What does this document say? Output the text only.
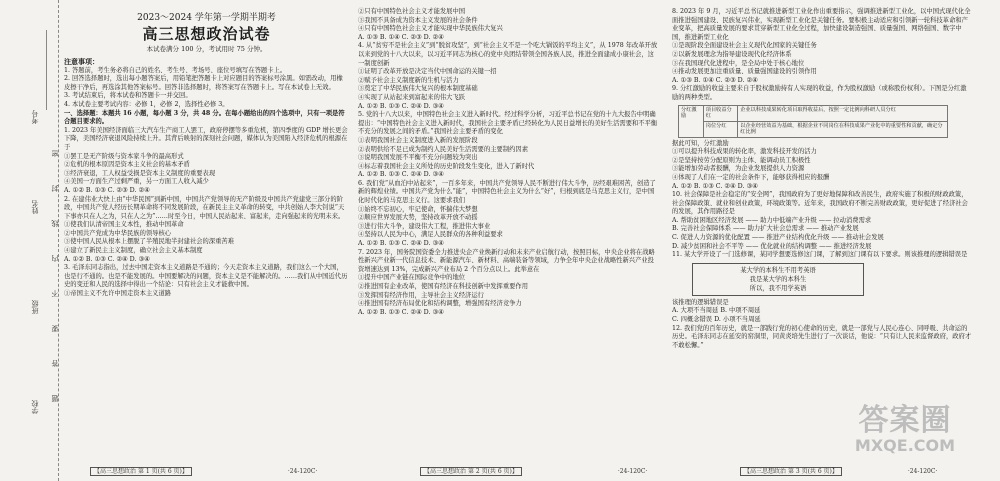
考号
姓名
班级
学校
密
封
线
内
不
要
答
题
2023～2024 学年第一学期半期考
高三思想政治试卷
本试卷满分 100 分，考试用时 75 分钟。

注意事项：

1. 答题前，考生务必将自己的姓名、考生号、考场号、座位号填写在答题卡上。

2. 回答选择题时，选出每小题答案后，用铅笔把答题卡上对应题目的答案标号涂黑。如需改动，用橡皮擦干净后，再选涂其他答案标号。回答非选择题时，将答案写在答题卡上。写在本试卷上无效。

3. 考试结束后，将本试卷和答题卡一并交回。

4. 本试卷主要考试内容：必修 1，必修 2，选择性必修 3。

一、选择题：本题共 16 小题，每小题 3 分，共 48 分。在每小题给出的四个选项中，只有一项是符合题目要求的。

1. 2023 年美国经济面临三大汽车生产商工人罢工，政府停摆等多重危机，第四季度的 GDP 增长更会下降，美国经济衰退风险持续上升。其背后映射的深刻社会问题，媒体认为美国陷入经济危机的根源在于

①罢工是无产阶级与资本家斗争的最高形式

②危机的根本原因是资本主义社会的基本矛盾

③经济衰退，工人权益受损是资本主义制度的重要表现

④美国一方面生产过剩严重，另一方面工人收入减少

A. ①② B. ①③ C. ②③ D. ②④

2. 在建伟业大快上由“中华民国”到新中国，中国共产党领导的无产阶级及中国共产党建党三部分的阶段，中国共产党人经历长期革命将不同发展阶段，在新民主主义革命的转变，中共创始人李大钊说“天下事亦只在人之为，只在人之为”……时至今日，中国人民站起来、富起来，走向强起来的光明未来。

①使我们认清帝国主义本性，推动中国革命

②中国共产党成为中华民族的领导核心

③使中国人民从根本上摆脱了半殖民地半封建社会的深重苦难

④建立了新民主主义制度，确立社会主义基本制度

A. ①② B. ①③ C. ②④ D. ③④

3. 毛泽东同志指出，过去中国走资本主义道路是不通的；今天走资本主义道路，我们这么一个大国，也是行不通的。也是不能发展的。中国要解决的问题，资本主义是不能解决的。……我们从中国近代历史的变迁和人民的选择中得出一个结论：只有社会主义才能救中国。

①帝国主义不允许中国走资本主义道路

②只有中国特色社会主义才能发展中国

③我国不具备成为资本主义发展的社会条件

④只有中国特色社会主义才能实现中华民族伟大复兴

A. ①③ B. ①④ C. ②③ D. ②④

4. 从“贫穷不是社会主义”到“脱贫攻坚”，到“社会主义不是一个吃大锅饭的平均主义”，从 1978 年改革开放以来到党的十八大以来，以习近平同志为核心的党中央团结带领全国各族人民，推进全面建成小康社会，这一制度创新

①证明了改革开放是决定当代中国命运的关键一招

②赋予社会主义制度新的生机与活力

③奠定了中华民族伟大复兴的根本制度基础

④实现了从站起来到富起来的伟大飞跃

A. ①② B. ①③ C. ②④ D. ③④

5. 党的十八大以来，中国特色社会主义进入新时代。经过科学分析，习近平总书记在党的十九大报告中明确提出：“中国特色社会主义进入新时代，我国社会主要矛盾已经转化为人民日益增长的美好生活需要和不平衡不充分的发展之间的矛盾。”我国社会主要矛盾的变化

①表明我国社会主义制度进入新的发展阶段

②表明供给不足已成为制约人民美好生活需要的主要制约因素

③说明我国发展不平衡不充分问题较为突出

④标志着我国社会主义所处的历史阶段发生变化，进入了新时代

A. ①② B. ①③ C. ②④ D. ③④

6. 我们党“从血泊中站起来”，一百多年来，中国共产党领导人民不断进行伟大斗争，历经艰难困苦，创造了新的辉煌业绩。中国共产党为什么“能”，中国特色社会主义为什么“好”，归根到底是马克思主义行，是中国化时代化的马克思主义行。这要求我们

①始终不忘初心，牢记使命，怀揣伟大梦想

②顺应世界发展大势，坚持改革开放不动摇

③进行伟大斗争，建设伟大工程，推进伟大事业

④坚持以人民为中心，满足人民群众的各种利益要求

A. ①② B. ①③ C. ②④ D. ③④

7. 2023 年，国务院国资委全力推进央企产业焕新行动和未来产业启航行动，按照目标，中央企业将在战略性新兴产业新一代信息技术、新能源汽车、新材料、高端装备等领域，力争全年中央企业战略性新兴产业投资增速达到 13%，完成新兴产业布局 2 个百分点以上。此举意在

①提升中国产业链在国际竞争中的地位

②推进国有企业改革，使国有经济在科技创新中发挥重要作用

③发挥国有经济作用，主导社会主义经济运行

④推进国有经济布局优化和结构调整，增强国有经济竞争力

A. ①② B. ①③ C. ②④ D. ③④

8. 2023 年 9 月，习近平总书记就推进新型工业化作出重要指示，强调推进新型工业化，以中国式现代化全面推进强国建设、民族复兴伟业，实现新型工业化是关键任务。要积极主动适应和引领新一轮科技革命和产业变革，把高质量发展的要求贯穿新型工业化全过程，加快建设制造强国、质量强国、网络强国、数字中国，推进新型工业化

①是现阶段全面建设社会主义现代化国家的关键任务

②以新发展理念为指导建设现代化经济体系

③在我国现代化进程中，是全局中处于核心地位

④推动发展更加注重质量、质量强国建设的引领作用

A. ①③ B. ①④ C. ②③ D. ②④

9. 分红激励的收益主要来自于股权激励持有人实现的收益，作为股权激励（或称股份权利）。下图是分红激励的两种类型。

分红激励	项目收益分红	企业以科技成果转化项目取得收益后，按照一定比例向科研人员分红
	岗位分红	以企业经营效益为基础，根据企业不同岗位在科技成果产业化中的重要性和贡献，确定分红比例

据此可知，分红激励

①可以提升科技成果的转化率，激发科技开发的活力

②是坚持按劳分配原则为主体、能调动员工积极性

③能增加劳动者报酬，为企业发展提供人力资源

④体现了人们在一定的社会条件下，能够获得相应的报酬

A. ①② B. ①③ C. ②④ D. ③④

10. 社会保障是社会稳定的“安全网”，我国政府为了更好地保障和改善民生，政府实施了积极的财政政策，社会保障政策、就业和创业政策，环境政策等。近年来，我国政府不断完善财政政策，更好促进了经济社会的发展，其作用路径是

A. 帮助贫困地区经济发展 —— 助力中低端产业升级 —— 拉动消费需求

B. 完善社会保障体系 —— 助力扩大社会总需求 —— 推动产业发展

C. 促进人力资源的优化配置 —— 推进产业结构优化升级 —— 推动社会发展

D. 减少贫困和社会不平等 —— 优化就业的结构调整 —— 推进经济发展

11. 某大学开设了一门选修课，某同学想要选修这门课，了解到这门课有以下要求。则该推理的逻辑错误是

某大学的本科生不用考英语
我是某大学的本科生
所以，我不用学英语

该推理的逻辑错误是

A. 大项不当周延 B. 中项不周延

C. 四概念错误 D. 小项不当周延

12. 我们党的百年历史，就是一部践行党的初心使命的历史，就是一部党与人民心连心、同呼吸、共命运的历史。毛泽东同志在延安的窑洞里，同黄炎培先生进行了一次谈话，他说：“只有让人民来监督政府，政府才不敢松懈。”

【高三思想政治 第 1 页(共 6 页)】	·24-120C·	【高三思想政治 第 2 页(共 6 页)】	·24-120C·	【高三思想政治 第 3 页(共 6 页)】	·24-120C·
答案圈
MXQE.COM
